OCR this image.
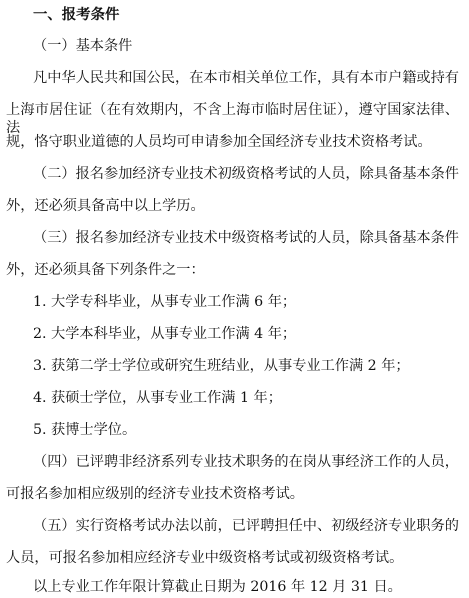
一、报考条件
（一）基本条件
凡中华人民共和国公民，在本市相关单位工作，具有本市户籍或持有
上海市居住证（在有效期内，不含上海市临时居住证），遵守国家法律、法
规，恪守职业道德的人员均可申请参加全国经济专业技术资格考试。
（二）报名参加经济专业技术初级资格考试的人员，除具备基本条件
外，还必须具备高中以上学历。
（三）报名参加经济专业技术中级资格考试的人员，除具备基本条件
外，还必须具备下列条件之一：
1. 大学专科毕业，从事专业工作满 6 年；
2. 大学本科毕业，从事专业工作满 4 年；
3. 获第二学士学位或研究生班结业，从事专业工作满 2 年；
4. 获硕士学位，从事专业工作满 1 年；
5. 获博士学位。
（四）已评聘非经济系列专业技术职务的在岗从事经济工作的人员，
可报名参加相应级别的经济专业技术资格考试。
（五）实行资格考试办法以前，已评聘担任中、初级经济专业职务的
人员，可报名参加相应经济专业中级资格考试或初级资格考试。
以上专业工作年限计算截止日期为 2016 年 12 月 31 日。
